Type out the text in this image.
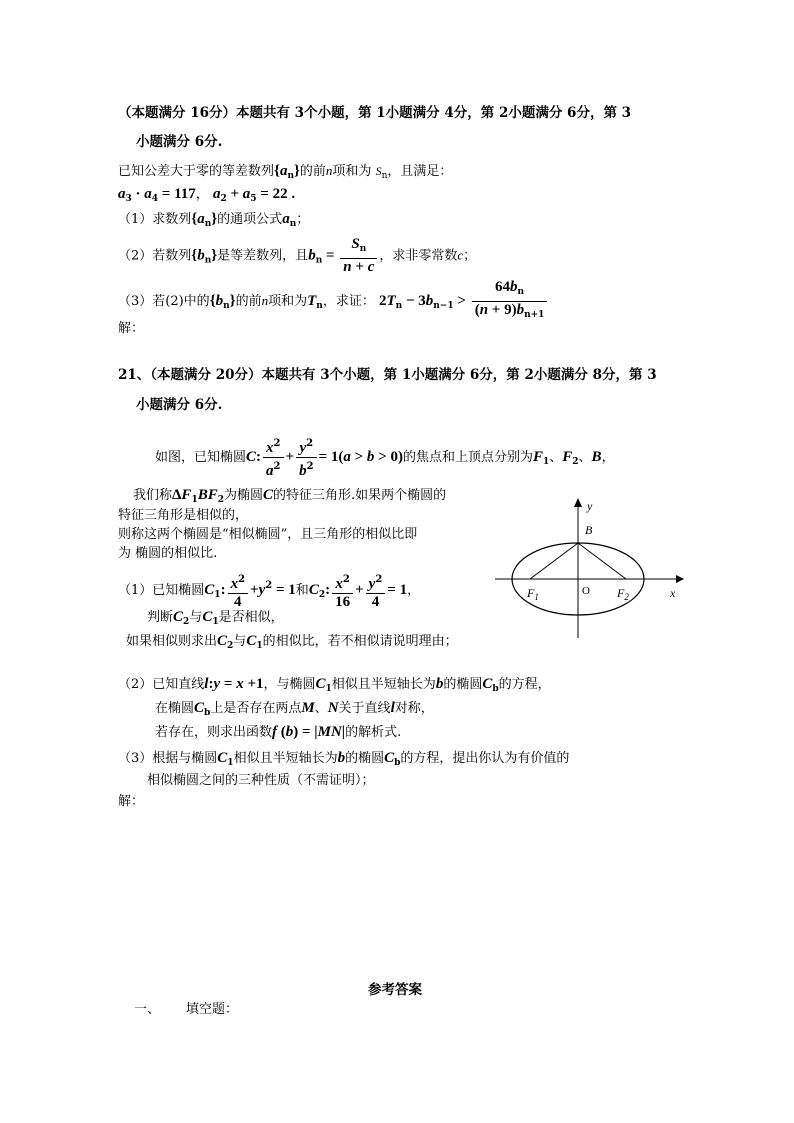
（本题满分 16分）本题共有 3个小题，第 1小题满分 4分，第 2小题满分 6分，第 3
小题满分 6分.
已知公差大于零的等差数列$\{a_n\}$的前n项和为 $S_n$，且满足：
$a_3 \cdot a_4 = 117$， $a_2 + a_5 = 22$ .
（1）求数列$\{a_n\}$的通项公式$a_n$；
（2）若数列$\{b_n\}$是等差数列，且$b_n = \frac{S_n}{n + c}$ ，求非零常数c；
（3）若(2)中的$\{b_n\}$的前n项和为$T_n$，求证： $2T_n - 3b_{n-1} > \frac{64b_n}{(n + 9)b_{n+1}}$
解：
21、（本题满分 20分）本题共有 3个小题，第 1小题满分 6分，第 2小题满分 8分，第 3
小题满分 6分.
如图，已知椭圆C: $\frac{x^2}{a^2} + \frac{y^2}{b^2} = 1(a > b > 0)$的焦点和上顶点分别为$F_1$、$F_2$、B，
我们称$\Delta F_1BF_2$为椭圆C的特征三角形.如果两个椭圆的
特征三角形是相似的，
则称这两个椭圆是“相似椭圆”，且三角形的相似比即
为 椭圆的相似比.
（1）已知椭圆$C_1$: $\frac{x^2}{4} +y^2 = 1$和$C_2$: $\frac{x^2}{16} + \frac{y^2}{4} = 1$，
判断$C_2$与$C_1$是否相似，
如果相似则求出$C_2$与$C_1$的相似比，若不相似请说明理由；
（2）已知直线l:y = x +1，与椭圆$C_1$相似且半短轴长为b的椭圆$C_b$的方程，
在椭圆$C_b$上是否存在两点M、N关于直线l对称，
若存在，则求出函数f (b) = |MN|的解析式.
（3）根据与椭圆$C_1$相似且半短轴长为b的椭圆$C_b$的方程，提出你认为有价值的
相似椭圆之间的三种性质（不需证明）；
解：
y
B
O	x
$F_1$	$F_2$
参考答案
一、 填空题：
